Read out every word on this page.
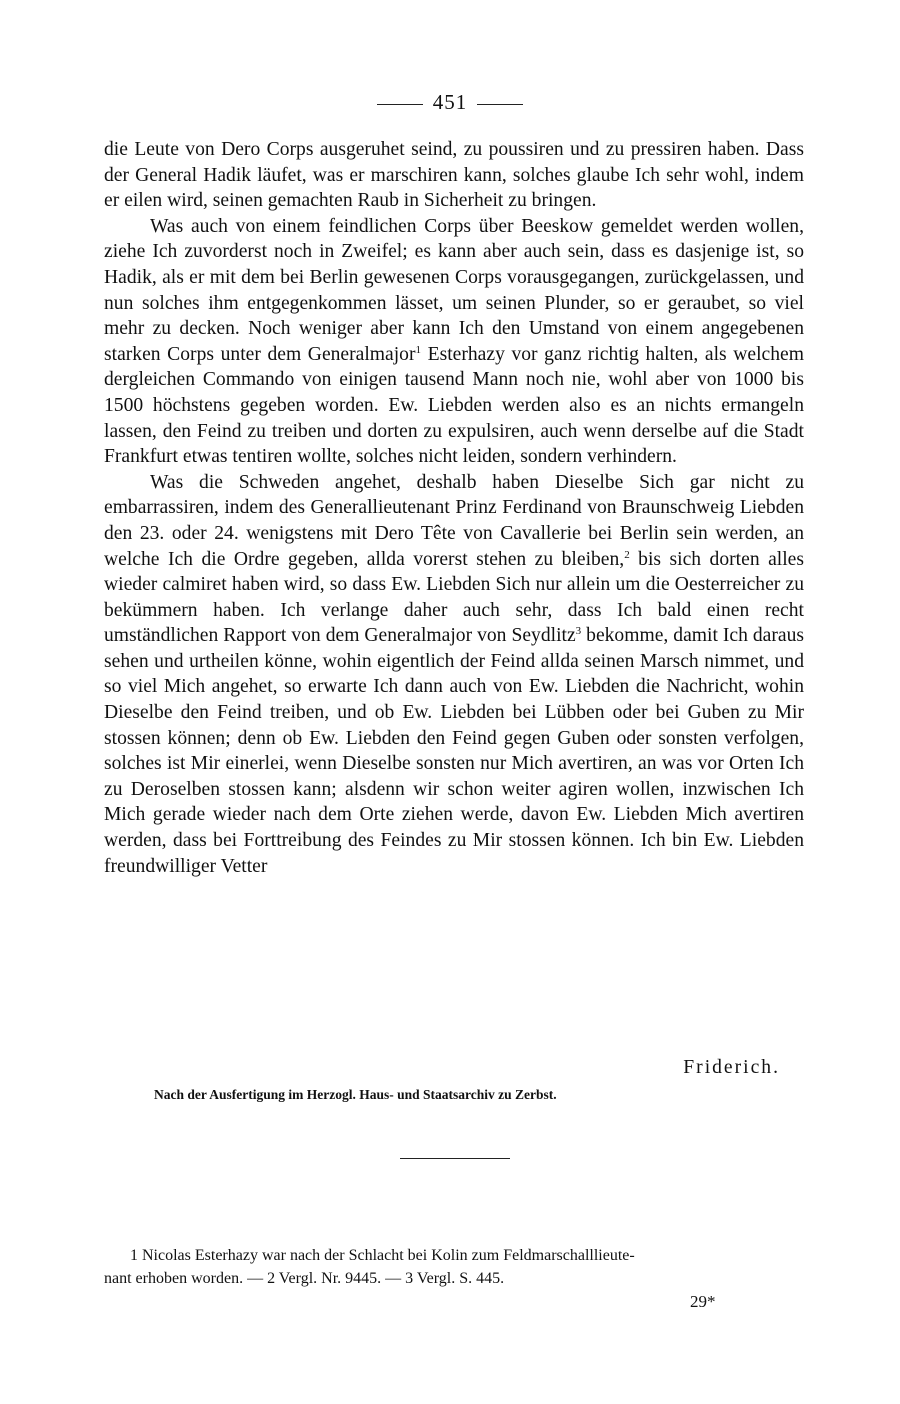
451

die Leute von Dero Corps ausgeruhet seind, zu poussiren und zu pressiren haben. Dass der General Hadik läufet, was er marschiren kann, solches glaube Ich sehr wohl, indem er eilen wird, seinen gemachten Raub in Sicherheit zu bringen.

Was auch von einem feindlichen Corps über Beeskow gemeldet werden wollen, ziehe Ich zuvorderst noch in Zweifel; es kann aber auch sein, dass es dasjenige ist, so Hadik, als er mit dem bei Berlin gewesenen Corps vorausgegangen, zurückgelassen, und nun solches ihm entgegenkommen lässet, um seinen Plunder, so er geraubet, so viel mehr zu decken. Noch weniger aber kann Ich den Umstand von einem angegebenen starken Corps unter dem Generalmajor$^1$ Esterhazy vor ganz richtig halten, als welchem dergleichen Commando von einigen tausend Mann noch nie, wohl aber von 1000 bis 1500 höchstens gegeben worden. Ew. Liebden werden also es an nichts ermangeln lassen, den Feind zu treiben und dorten zu expulsiren, auch wenn derselbe auf die Stadt Frankfurt etwas tentiren wollte, solches nicht leiden, sondern verhindern.

Was die Schweden angehet, deshalb haben Dieselbe Sich gar nicht zu embarrassiren, indem des Generallieutenant Prinz Ferdinand von Braunschweig Liebden den 23. oder 24. wenigstens mit Dero Tête von Cavallerie bei Berlin sein werden, an welche Ich die Ordre gegeben, allda vorerst stehen zu bleiben,$^2$ bis sich dorten alles wieder calmiret haben wird, so dass Ew. Liebden Sich nur allein um die Oesterreicher zu bekümmern haben. Ich verlange daher auch sehr, dass Ich bald einen recht umständlichen Rapport von dem Generalmajor von Seydlitz$^3$ bekomme, damit Ich daraus sehen und urtheilen könne, wohin eigentlich der Feind allda seinen Marsch nimmet, und so viel Mich angehet, so erwarte Ich dann auch von Ew. Liebden die Nachricht, wohin Dieselbe den Feind treiben, und ob Ew. Liebden bei Lübben oder bei Guben zu Mir stossen können; denn ob Ew. Liebden den Feind gegen Guben oder sonsten verfolgen, solches ist Mir einerlei, wenn Dieselbe sonsten nur Mich avertiren, an was vor Orten Ich zu Deroselben stossen kann; alsdenn wir schon weiter agiren wollen, inzwischen Ich Mich gerade wieder nach dem Orte ziehen werde, davon Ew. Liebden Mich avertiren werden, dass bei Forttreibung des Feindes zu Mir stossen können. Ich bin Ew. Liebden freundwilliger Vetter

Friderich.
Nach der Ausfertigung im Herzogl. Haus- und Staatsarchiv zu Zerbst.
1 Nicolas Esterhazy war nach der Schlacht bei Kolin zum Feldmarschalllieute-
nant erhoben worden. — 2 Vergl. Nr. 9445. — 3 Vergl. S. 445.
29*
